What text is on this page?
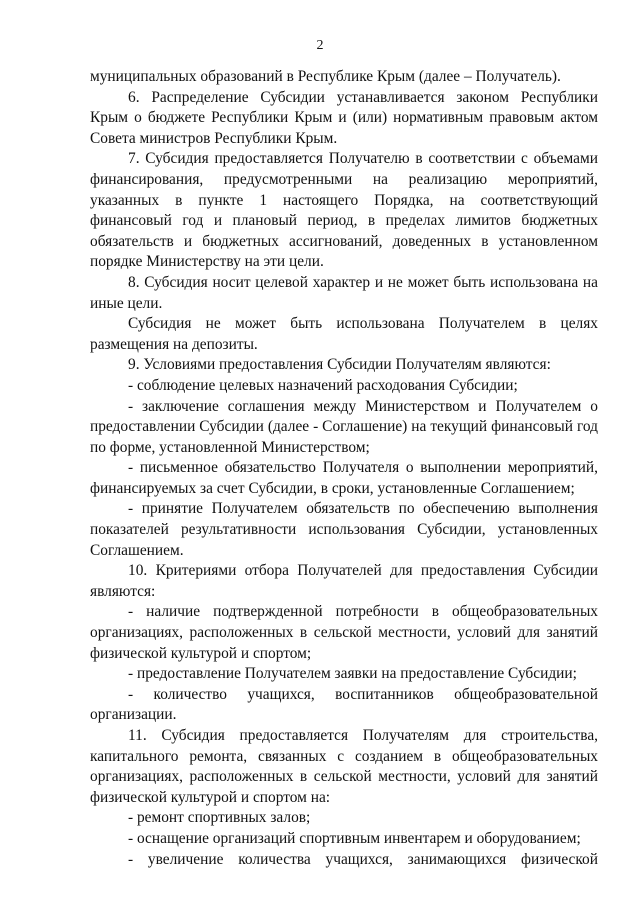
2

муниципальных образований в Республике Крым (далее – Получатель).

6. Распределение Субсидии устанавливается законом Республики Крым о бюджете Республики Крым и (или) нормативным правовым актом Совета министров Республики Крым.

7. Субсидия предоставляется Получателю в соответствии с объемами финансирования, предусмотренными на реализацию мероприятий, указанных в пункте 1 настоящего Порядка, на соответствующий финансовый год и плановый период, в пределах лимитов бюджетных обязательств и бюджетных ассигнований, доведенных в установленном порядке Министерству на эти цели.

8. Субсидия носит целевой характер и не может быть использована на иные цели.

Субсидия не может быть использована Получателем в целях размещения на депозиты.

9. Условиями предоставления Субсидии Получателям являются:

- соблюдение целевых назначений расходования Субсидии;

- заключение соглашения между Министерством и Получателем о предоставлении Субсидии (далее - Соглашение) на текущий финансовый год по форме, установленной Министерством;

- письменное обязательство Получателя о выполнении мероприятий, финансируемых за счет Субсидии, в сроки, установленные Соглашением;

- принятие Получателем обязательств по обеспечению выполнения показателей результативности использования Субсидии, установленных Соглашением.

10. Критериями отбора Получателей для предоставления Субсидии являются:

- наличие подтвержденной потребности в общеобразовательных организациях, расположенных в сельской местности, условий для занятий физической культурой и спортом;

- предоставление Получателем заявки на предоставление Субсидии;

- количество учащихся, воспитанников общеобразовательной организации.

11. Субсидия предоставляется Получателям для строительства, капитального ремонта, связанных с созданием в общеобразовательных организациях, расположенных в сельской местности, условий для занятий физической культурой и спортом на:

- ремонт спортивных залов;

- оснащение организаций спортивным инвентарем и оборудованием;

- увеличение количества учащихся, занимающихся физической
